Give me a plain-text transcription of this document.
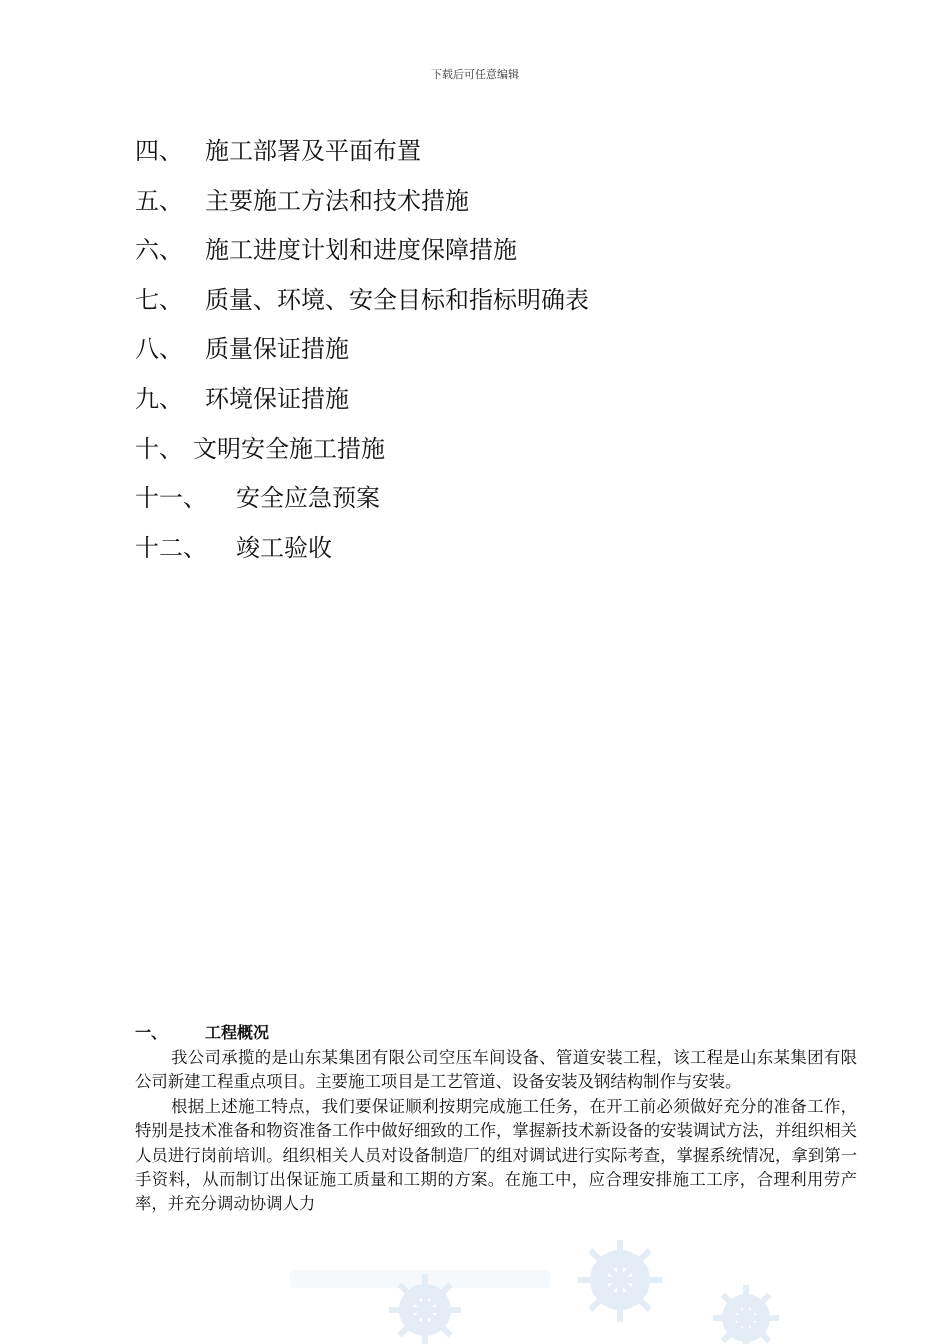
下载后可任意编辑
四、 施工部署及平面布置
五、 主要施工方法和技术措施
六、 施工进度计划和进度保障措施
七、 质量、环境、安全目标和指标明确表
八、 质量保证措施
九、 环境保证措施
十、 文明安全施工措施
十一、 安全应急预案
十二、 竣工验收
一、 工程概况

我公司承揽的是山东某集团有限公司空压车间设备、管道安装工程，该工程是山东某集团有限公司新建工程重点项目。主要施工项目是工艺管道、设备安装及钢结构制作与安装。

根据上述施工特点，我们要保证顺利按期完成施工任务，在开工前必须做好充分的准备工作，特别是技术准备和物资准备工作中做好细致的工作，掌握新技术新设备的安装调试方法，并组织相关人员进行岗前培训。组织相关人员对设备制造厂的组对调试进行实际考查，掌握系统情况，拿到第一手资料，从而制订出保证施工质量和工期的方案。在施工中，应合理安排施工工序，合理利用劳产率，并充分调动协调人力
